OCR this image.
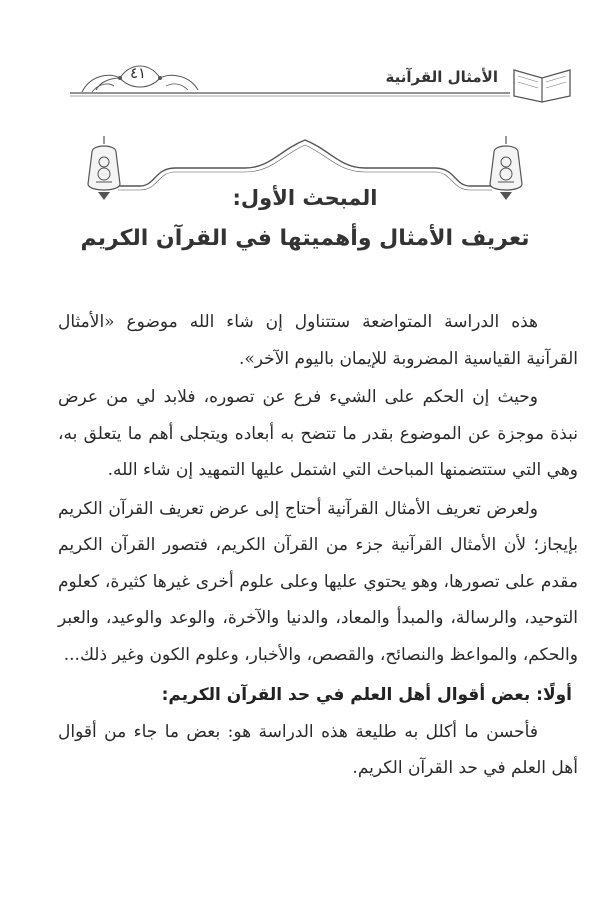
٤١	الأمثال القرآنية
المبحث الأول:
تعريف الأمثال وأهميتها في القرآن الكريم

هذه الدراسة المتواضعة ستتناول إن شاء الله موضوع «الأمثال القرآنية القياسية المضروبة للإيمان باليوم الآخر».

وحيث إن الحكم على الشيء فرع عن تصوره، فلابد لي من عرض نبذة موجزة عن الموضوع بقدر ما تتضح به أبعاده ويتجلى أهم ما يتعلق به، وهي التي ستتضمنها المباحث التي اشتمل عليها التمهيد إن شاء الله.

ولعرض تعريف الأمثال القرآنية أحتاج إلى عرض تعريف القرآن الكريم بإيجاز؛ لأن الأمثال القرآنية جزء من القرآن الكريم، فتصور القرآن الكريم مقدم على تصورها، وهو يحتوي عليها وعلى علوم أخرى غيرها كثيرة، كعلوم التوحيد، والرسالة، والمبدأ والمعاد، والدنيا والآخرة، والوعد والوعيد، والعبر والحكم، والمواعظ والنصائح، والقصص، والأخبار، وعلوم الكون وغير ذلك...

أولًا: بعض أقوال أهل العلم في حد القرآن الكريم:

فأحسن ما أكلل به طليعة هذه الدراسة هو: بعض ما جاء من أقوال أهل العلم في حد القرآن الكريم.
